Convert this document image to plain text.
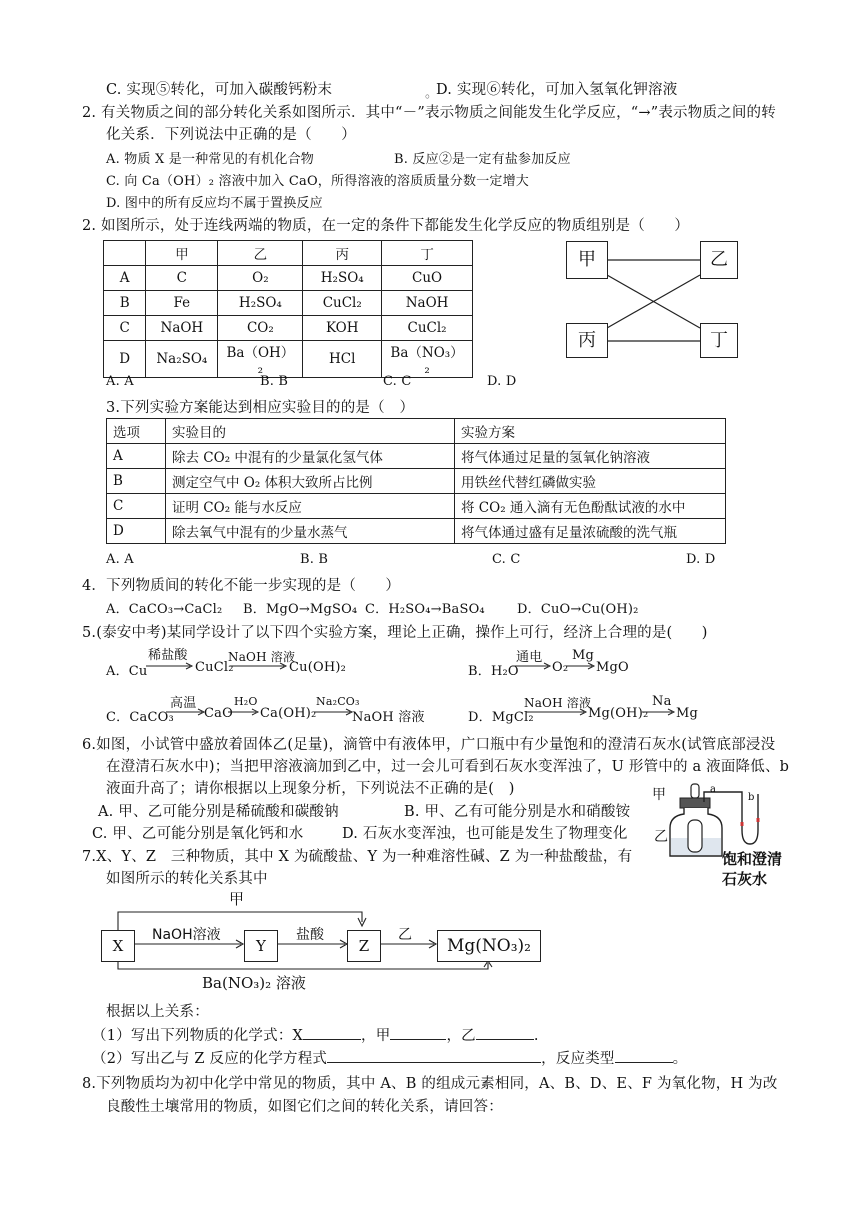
C. 实现⑤转化，可加入碳酸钙粉末	。
D. 实现⑥转化，可加入氢氧化钾溶液
2. 有关物质之间的部分转化关系如图所示．其中“－”表示物质之间能发生化学反应，“→”表示物质之间的转
化关系．下列说法中正确的是（　　）
A. 物质 X 是一种常见的有机化合物	B. 反应②是一定有盐参加反应
C. 向 Ca（OH）₂ 溶液中加入 CaO，所得溶液的溶质质量分数一定增大
D. 图中的所有反应均不属于置换反应
2. 如图所示，处于连线两端的物质，在一定的条件下都能发生化学反应的物质组别是（　　）
	甲	乙	丙	丁
A	C	O₂	H₂SO₄	CuO
B	Fe	H₂SO₄	CuCl₂	NaOH
C	NaOH	CO₂	KOH	CuCl₂
D	Na₂SO₄	Ba（OH）₂	HCl	Ba（NO₃）₂
A. A	B. B	C. C	D. D
甲	乙
丙	丁
3.下列实验方案能达到相应实验目的的是（　）
选项	实验目的	实验方案
A	除去 CO₂ 中混有的少量氯化氢气体	将气体通过足量的氢氧化钠溶液
B	测定空气中 O₂ 体积大致所占比例	用铁丝代替红磷做实验
C	证明 CO₂ 能与水反应	将 CO₂ 通入滴有无色酚酞试液的水中
D	除去氧气中混有的少量水蒸气	将气体通过盛有足量浓硫酸的洗气瓶
A. A	B. B	C. C	D. D
4．下列物质间的转化不能一步实现的是（　　）
A．CaCO₃→CaCl₂ B．MgO→MgSO₄ C．H₂SO₄→BaSO₄ D．CuO→Cu(OH)₂
5.(泰安中考)某同学设计了以下四个实验方案，理论上正确，操作上可行，经济上合理的是(　　)
A．Cu
稀盐酸
CuCl₂
NaOH 溶液
Cu(OH)₂	B．H₂O
通电
O₂
Mg
MgO
C．CaCO₃
高温
CaO
H₂O
Ca(OH)₂
Na₂CO₃
NaOH 溶液	D．MgCl₂
NaOH 溶液
Mg(OH)₂
Na
Mg
6.如图，小试管中盛放着固体乙(足量)，滴管中有液体甲，广口瓶中有少量饱和的澄清石灰水(试管底部浸没
在澄清石灰水中)；当把甲溶液滴加到乙中，过一会儿可看到石灰水变浑浊了，U 形管中的 a 液面降低、b
液面升高了；请你根据以上现象分析，下列说法不正确的是(　)
A. 甲、乙可能分别是稀硫酸和碳酸钠	B. 甲、乙有可能分别是水和硝酸铵
C. 甲、乙可能分别是氧化钙和水	D. 石灰水变浑浊，也可能是发生了物理变化
甲
乙
a
b
饱和澄清
石灰水
7.X、Y、Z　三种物质，其中 X 为硫酸盐、Y 为一种难溶性碱、Z 为一种盐酸盐，有
如图所示的转化关系其中
甲
X	Y	Z	Mg(NO₃)₂
NaOH溶液	盐酸	乙
Ba(NO₃)₂ 溶液
根据以上关系：
（1）写出下列物质的化学式：X	，甲	，乙	.
（2）写出乙与 Z 反应的化学方程式	，反应类型	。
8.下列物质均为初中化学中常见的物质，其中 A、B 的组成元素相同，A、B、D、E、F 为氧化物，H 为改
良酸性土壤常用的物质，如图它们之间的转化关系，请回答：
